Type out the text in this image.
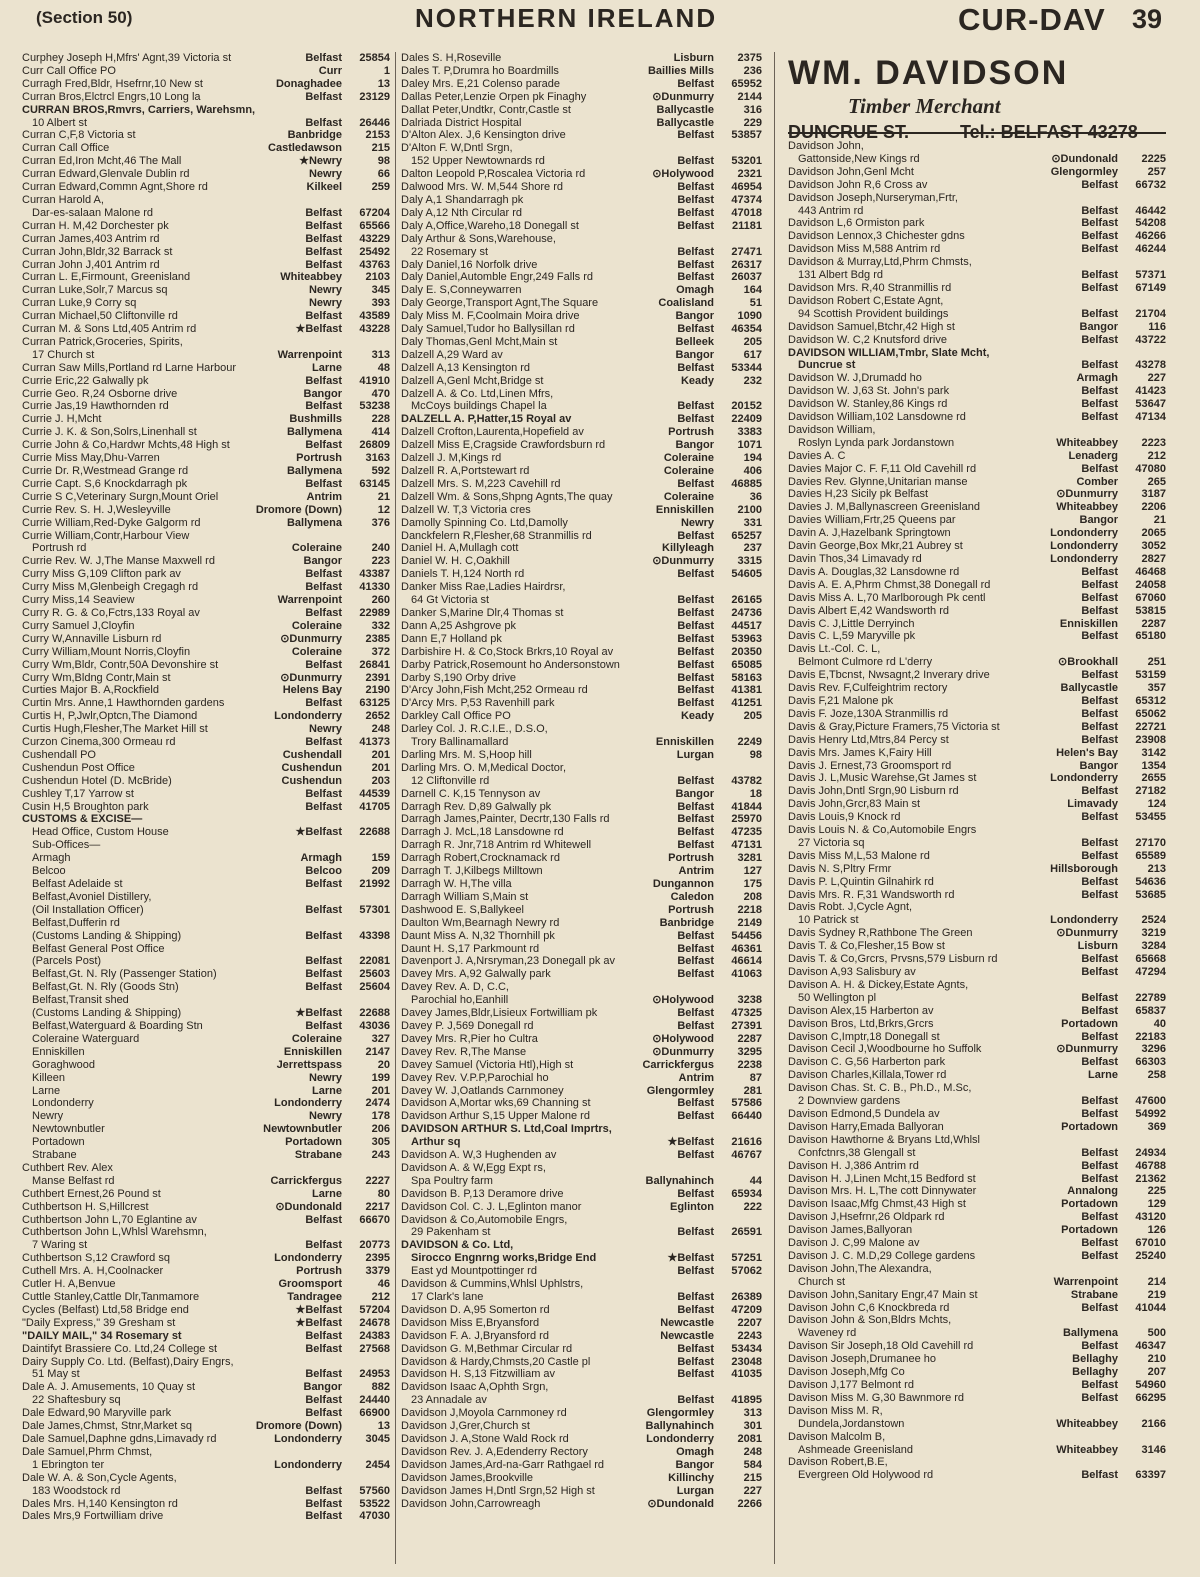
(Section 50)	NORTHERN IRELAND	CUR-DAV 39
Curphey Joseph H,Mfrs' Agnt,39 Victoria st	Belfast	25854
Curr Call Office PO	Curr	1
Curragh Fred,Bldr, Hsefrnr,10 New st	Donaghadee	13
Curran Bros,Elctrcl Engrs,10 Long la	Belfast	23129
CURRAN BROS,Rmvrs, Carriers, Warehsmn,
10 Albert st	Belfast	26446
Curran C,F,8 Victoria st	Banbridge	2153
Curran Call Office	Castledawson	215
Curran Ed,Iron Mcht,46 The Mall	★Newry	98
Curran Edward,Glenvale Dublin rd	Newry	66
Curran Edward,Commn Agnt,Shore rd	Kilkeel	259
Curran Harold A,
Dar-es-salaan Malone rd	Belfast	67204
Curran H. M,42 Dorchester pk	Belfast	65566
Curran James,403 Antrim rd	Belfast	43229
Curran John,Bldr,32 Barrack st	Belfast	25492
Curran John J,401 Antrim rd	Belfast	43763
Curran L. E,Firmount, Greenisland	Whiteabbey	2103
Curran Luke,Solr,7 Marcus sq	Newry	345
Curran Luke,9 Corry sq	Newry	393
Curran Michael,50 Cliftonville rd	Belfast	43589
Curran M. & Sons Ltd,405 Antrim rd	★Belfast	43228
Curran Patrick,Groceries, Spirits,
17 Church st	Warrenpoint	313
Curran Saw Mills,Portland rd Larne Harbour	Larne	48
Currie Eric,22 Galwally pk	Belfast	41910
Currie Geo. R,24 Osborne drive	Bangor	470
Currie Jas,19 Hawthornden rd	Belfast	53238
Currie J. H,Mcht	Bushmills	228
Currie J. K. & Son,Solrs,Linenhall st	Ballymena	414
Currie John & Co,Hardwr Mchts,48 High st	Belfast	26809
Currie Miss May,Dhu-Varren	Portrush	3163
Currie Dr. R,Westmead Grange rd	Ballymena	592
Currie Capt. S,6 Knockdarragh pk	Belfast	63145
Currie S C,Veterinary Surgn,Mount Oriel	Antrim	21
Currie Rev. S. H. J,Wesleyville	Dromore (Down)	12
Currie William,Red-Dyke Galgorm rd	Ballymena	376
Currie William,Contr,Harbour View
Portrush rd	Coleraine	240
Currie Rev. W. J,The Manse Maxwell rd	Bangor	223
Curry Miss G,109 Clifton park av	Belfast	43387
Curry Miss M,Glenbeigh Cregagh rd	Belfast	41330
Curry Miss,14 Seaview	Warrenpoint	260
Curry R. G. & Co,Fctrs,133 Royal av	Belfast	22989
Curry Samuel J,Cloyfin	Coleraine	332
Curry W,Annaville Lisburn rd	⊙Dunmurry	2385
Curry William,Mount Norris,Cloyfin	Coleraine	372
Curry Wm,Bldr, Contr,50A Devonshire st	Belfast	26841
Curry Wm,Bldng Contr,Main st	⊙Dunmurry	2391
Curties Major B. A,Rockfield	Helens Bay	2190
Curtin Mrs. Anne,1 Hawthornden gardens	Belfast	63125
Curtis H, P,Jwlr,Optcn,The Diamond	Londonderry	2652
Curtis Hugh,Flesher,The Market Hill st	Newry	248
Curzon Cinema,300 Ormeau rd	Belfast	41373
Cushendall PO	Cushendall	201
Cushendun Post Office	Cushendun	201
Cushendun Hotel (D. McBride)	Cushendun	203
Cushley T,17 Yarrow st	Belfast	44539
Cusin H,5 Broughton park	Belfast	41705
CUSTOMS & EXCISE—
Head Office, Custom House	★Belfast	22688
Sub-Offices—
Armagh	Armagh	159
Belcoo	Belcoo	209
Belfast Adelaide st	Belfast	21992
Belfast,Avoniel Distillery,
(Oil Installation Officer)	Belfast	57301
Belfast,Dufferin rd
(Customs Landing & Shipping)	Belfast	43398
Belfast General Post Office
(Parcels Post)	Belfast	22081
Belfast,Gt. N. Rly (Passenger Station)	Belfast	25603
Belfast,Gt. N. Rly (Goods Stn)	Belfast	25604
Belfast,Transit shed
(Customs Landing & Shipping)	★Belfast	22688
Belfast,Waterguard & Boarding Stn	Belfast	43036
Coleraine Waterguard	Coleraine	327
Enniskillen	Enniskillen	2147
Goraghwood	Jerrettspass	20
Killeen	Newry	199
Larne	Larne	201
Londonderry	Londonderry	2474
Newry	Newry	178
Newtownbutler	Newtownbutler	206
Portadown	Portadown	305
Strabane	Strabane	243
Cuthbert Rev. Alex
Manse Belfast rd	Carrickfergus	2227
Cuthbert Ernest,26 Pound st	Larne	80
Cuthbertson H. S,Hillcrest	⊙Dundonald	2217
Cuthbertson John L,70 Eglantine av	Belfast	66670
Cuthbertson John L,Whlsl Warehsmn,
7 Waring st	Belfast	20773
Cuthbertson S,12 Crawford sq	Londonderry	2395
Cuthell Mrs. A. H,Coolnacker	Portrush	3379
Cutler H. A,Benvue	Groomsport	46
Cuttle Stanley,Cattle Dlr,Tanmamore	Tandragee	212
Cycles (Belfast) Ltd,58 Bridge end	★Belfast	57204
"Daily Express," 39 Gresham st	★Belfast	24678
"DAILY MAIL," 34 Rosemary st	Belfast	24383
Daintifyt Brassiere Co. Ltd,24 College st	Belfast	27568
Dairy Supply Co. Ltd. (Belfast),Dairy Engrs,
51 May st	Belfast	24953
Dale A. J. Amusements, 10 Quay st	Bangor	882
22 Shaftesbury sq	Belfast	24440
Dale Edward,90 Maryville park	Belfast	66900
Dale James,Chmst, Stnr,Market sq	Dromore (Down)	13
Dale Samuel,Daphne gdns,Limavady rd	Londonderry	3045
Dale Samuel,Phrm Chmst,
1 Ebrington ter	Londonderry	2454
Dale W. A. & Son,Cycle Agents,
183 Woodstock rd	Belfast	57560
Dales Mrs. H,140 Kensington rd	Belfast	53522
Dales Mrs,9 Fortwilliam drive	Belfast	47030
Dales S. H,Roseville	Lisburn	2375
Dales T. P,Drumra ho Boardmills	Baillies Mills	236
Daley Mrs. E,21 Colenso parade	Belfast	65952
Dallas Peter,Lenzie Orpen pk Finaghy	⊙Dunmurry	2144
Dallat Peter,Undtkr, Contr,Castle st	Ballycastle	316
Dalriada District Hospital	Ballycastle	229
D'Alton Alex. J,6 Kensington drive	Belfast	53857
D'Alton F. W,Dntl Srgn,
152 Upper Newtownards rd	Belfast	53201
Dalton Leopold P,Roscalea Victoria rd	⊙Holywood	2321
Dalwood Mrs. W. M,544 Shore rd	Belfast	46954
Daly A,1 Shandarragh pk	Belfast	47374
Daly A,12 Nth Circular rd	Belfast	47018
Daly A,Office,Wareho,18 Donegall st	Belfast	21181
Daly Arthur & Sons,Warehouse,
22 Rosemary st	Belfast	27471
Daly Daniel,16 Norfolk drive	Belfast	26317
Daly Daniel,Automble Engr,249 Falls rd	Belfast	26037
Daly E. S,Conneywarren	Omagh	164
Daly George,Transport Agnt,The Square	Coalisland	51
Daly Miss M. F,Coolmain Moira drive	Bangor	1090
Daly Samuel,Tudor ho Ballysillan rd	Belfast	46354
Daly Thomas,Genl Mcht,Main st	Belleek	205
Dalzell A,29 Ward av	Bangor	617
Dalzell A,13 Kensington rd	Belfast	53344
Dalzell A,Genl Mcht,Bridge st	Keady	232
Dalzell A. & Co. Ltd,Linen Mfrs,
McCoys buildings Chapel la	Belfast	20152
DALZELL A. P,Hatter,15 Royal av	Belfast	22409
Dalzell Crofton,Laurenta,Hopefield av	Portrush	3383
Dalzell Miss E,Cragside Crawfordsburn rd	Bangor	1071
Dalzell J. M,Kings rd	Coleraine	194
Dalzell R. A,Portstewart rd	Coleraine	406
Dalzell Mrs. S. M,223 Cavehill rd	Belfast	46885
Dalzell Wm. & Sons,Shpng Agnts,The quay	Coleraine	36
Dalzell W. T,3 Victoria cres	Enniskillen	2100
Damolly Spinning Co. Ltd,Damolly	Newry	331
Danckfelern R,Flesher,68 Stranmillis rd	Belfast	65257
Daniel H. A,Mullagh cott	Killyleagh	237
Daniel W. H. C,Oakhill	⊙Dunmurry	3315
Daniels T. H,124 North rd	Belfast	54605
Danker Miss Rae,Ladies Hairdrsr,
64 Gt Victoria st	Belfast	26165
Danker S,Marine Dlr,4 Thomas st	Belfast	24736
Dann A,25 Ashgrove pk	Belfast	44517
Dann E,7 Holland pk	Belfast	53963
Darbishire H. & Co,Stock Brkrs,10 Royal av	Belfast	20350
Darby Patrick,Rosemount ho Andersonstown	Belfast	65085
Darby S,190 Orby drive	Belfast	58163
D'Arcy John,Fish Mcht,252 Ormeau rd	Belfast	41381
D'Arcy Mrs. P,53 Ravenhill park	Belfast	41251
Darkley Call Office PO	Keady	205
Darley Col. J. R.C.I.E., D.S.O,
Trory Ballinamallard	Enniskillen	2249
Darling Mrs. M. S,Hoop hill	Lurgan	98
Darling Mrs. O. M,Medical Doctor,
12 Cliftonville rd	Belfast	43782
Darnell C. K,15 Tennyson av	Bangor	18
Darragh Rev. D,89 Galwally pk	Belfast	41844
Darragh James,Painter, Decrtr,130 Falls rd	Belfast	25970
Darragh J. McL,18 Lansdowne rd	Belfast	47235
Darragh R. Jnr,718 Antrim rd Whitewell	Belfast	47131
Darragh Robert,Crocknamack rd	Portrush	3281
Darragh T. J,Kilbegs Milltown	Antrim	127
Darragh W. H,The villa	Dungannon	175
Darragh William S,Main st	Caledon	208
Dashwood E. S,Ballykeel	Portrush	2218
Daulton Wm,Bearnagh Newry rd	Banbridge	2149
Daunt Miss A. N,32 Thornhill pk	Belfast	54456
Daunt H. S,17 Parkmount rd	Belfast	46361
Davenport J. A,Nrsryman,23 Donegall pk av	Belfast	46614
Davey Mrs. A,92 Galwally park	Belfast	41063
Davey Rev. A. D, C.C,
Parochial ho,Eanhill	⊙Holywood	3238
Davey James,Bldr,Lisieux Fortwilliam pk	Belfast	47325
Davey P. J,569 Donegall rd	Belfast	27391
Davey Mrs. R,Pier ho Cultra	⊙Holywood	2287
Davey Rev. R,The Manse	⊙Dunmurry	3295
Davey Samuel (Victoria Htl),High st	Carrickfergus	2238
Davey Rev. V.P.P,Parochial ho	Antrim	87
Davey W. J,Oatlands Carnmoney	Glengormley	281
Davidson A,Mortar wks,69 Channing st	Belfast	57586
Davidson Arthur S,15 Upper Malone rd	Belfast	66440
DAVIDSON ARTHUR S. Ltd,Coal Imprtrs,
Arthur sq	★Belfast	21616
Davidson A. W,3 Hughenden av	Belfast	46767
Davidson A. & W,Egg Expt rs,
Spa Poultry farm	Ballynahinch	44
Davidson B. P,13 Deramore drive	Belfast	65934
Davidson Col. C. J. L,Eglinton manor	Eglinton	222
Davidson & Co,Automobile Engrs,
29 Pakenham st	Belfast	26591
DAVIDSON & Co. Ltd,
Sirocco Engnrng works,Bridge End	★Belfast	57251
East yd Mountpottinger rd	Belfast	57062
Davidson & Cummins,Whlsl Uphlstrs,
17 Clark's lane	Belfast	26389
Davidson D. A,95 Somerton rd	Belfast	47209
Davidson Miss E,Bryansford	Newcastle	2207
Davidson F. A. J,Bryansford rd	Newcastle	2243
Davidson G. M,Bethmar Circular rd	Belfast	53434
Davidson & Hardy,Chmsts,20 Castle pl	Belfast	23048
Davidson H. S,13 Fitzwilliam av	Belfast	41035
Davidson Isaac A,Ophth Srgn,
23 Annadale av	Belfast	41895
Davidson J,Moyola Carnmoney rd	Glengormley	313
Davidson J,Grer,Church st	Ballynahinch	301
Davidson J. A,Stone Wald Rock rd	Londonderry	2081
Davidson Rev. J. A,Edenderry Rectory	Omagh	248
Davidson James,Ard-na-Garr Rathgael rd	Bangor	584
Davidson James,Brookville	Killinchy	215
Davidson James H,Dntl Srgn,52 High st	Lurgan	227
Davidson John,Carrowreagh	⊙Dundonald	2266
WM. DAVIDSON
Timber Merchant
DUNCRUE ST.	Tel.: BELFAST 43278
Davidson John,
Gattonside,New Kings rd	⊙Dundonald	2225
Davidson John,Genl Mcht	Glengormley	257
Davidson John R,6 Cross av	Belfast	66732
Davidson Joseph,Nurseryman,Frtr,
443 Antrim rd	Belfast	46442
Davidson L,6 Ormiston park	Belfast	54208
Davidson Lennox,3 Chichester gdns	Belfast	46266
Davidson Miss M,588 Antrim rd	Belfast	46244
Davidson & Murray,Ltd,Phrm Chmsts,
131 Albert Bdg rd	Belfast	57371
Davidson Mrs. R,40 Stranmillis rd	Belfast	67149
Davidson Robert C,Estate Agnt,
94 Scottish Provident buildings	Belfast	21704
Davidson Samuel,Btchr,42 High st	Bangor	116
Davidson W. C,2 Knutsford drive	Belfast	43722
DAVIDSON WILLIAM,Tmbr, Slate Mcht,
Duncrue st	Belfast	43278
Davidson W. J,Drumadd ho	Armagh	227
Davidson W. J,63 St. John's park	Belfast	41423
Davidson W. Stanley,86 Kings rd	Belfast	53647
Davidson William,102 Lansdowne rd	Belfast	47134
Davidson William,
Roslyn Lynda park Jordanstown	Whiteabbey	2223
Davies A. C	Lenaderg	212
Davies Major C. F. F,11 Old Cavehill rd	Belfast	47080
Davies Rev. Glynne,Unitarian manse	Comber	265
Davies H,23 Sicily pk Belfast	⊙Dunmurry	3187
Davies J. M,Ballynascreen Greenisland	Whiteabbey	2206
Davies William,Frtr,25 Queens par	Bangor	21
Davin A. J,Hazelbank Springtown	Londonderry	2065
Davin George,Box Mkr,21 Aubrey st	Londonderry	3052
Davin Thos,34 Limavady rd	Londonderry	2827
Davis A. Douglas,32 Lansdowne rd	Belfast	46468
Davis A. E. A,Phrm Chmst,38 Donegall rd	Belfast	24058
Davis Miss A. L,70 Marlborough Pk centl	Belfast	67060
Davis Albert E,42 Wandsworth rd	Belfast	53815
Davis C. J,Little Derryinch	Enniskillen	2287
Davis C. L,59 Maryville pk	Belfast	65180
Davis Lt.-Col. C. L,
Belmont Culmore rd L'derry	⊙Brookhall	251
Davis E,Tbcnst, Nwsagnt,2 Inverary drive	Belfast	53159
Davis Rev. F,Culfeightrim rectory	Ballycastle	357
Davis F,21 Malone pk	Belfast	65312
Davis F. Joze,130A Stranmillis rd	Belfast	65062
Davis & Gray,Picture Framers,75 Victoria st	Belfast	22721
Davis Henry Ltd,Mtrs,84 Percy st	Belfast	23908
Davis Mrs. James K,Fairy Hill	Helen's Bay	3142
Davis J. Ernest,73 Groomsport rd	Bangor	1354
Davis J. L,Music Warehse,Gt James st	Londonderry	2655
Davis John,Dntl Srgn,90 Lisburn rd	Belfast	27182
Davis John,Grcr,83 Main st	Limavady	124
Davis Louis,9 Knock rd	Belfast	53455
Davis Louis N. & Co,Automobile Engrs
27 Victoria sq	Belfast	27170
Davis Miss M,L,53 Malone rd	Belfast	65589
Davis N. S,Pltry Frmr	Hillsborough	213
Davis P. L,Quintin Gilnahirk rd	Belfast	54636
Davis Mrs. R. F,31 Wandsworth rd	Belfast	53685
Davis Robt. J,Cycle Agnt,
10 Patrick st	Londonderry	2524
Davis Sydney R,Rathbone The Green	⊙Dunmurry	3219
Davis T. & Co,Flesher,15 Bow st	Lisburn	3284
Davis T. & Co,Grcrs, Prvsns,579 Lisburn rd	Belfast	65668
Davison A,93 Salisbury av	Belfast	47294
Davison A. H. & Dickey,Estate Agnts,
50 Wellington pl	Belfast	22789
Davison Alex,15 Harberton av	Belfast	65837
Davison Bros, Ltd,Brkrs,Grcrs	Portadown	40
Davison C,Imptr,18 Donegall st	Belfast	22183
Davison Cecil J,Woodbourne ho Suffolk	⊙Dunmurry	3296
Davison C. G,56 Harberton park	Belfast	66303
Davison Charles,Killala,Tower rd	Larne	258
Davison Chas. St. C. B., Ph.D., M.Sc,
2 Downview gardens	Belfast	47600
Davison Edmond,5 Dundela av	Belfast	54992
Davison Harry,Emada Ballyoran	Portadown	369
Davison Hawthorne & Bryans Ltd,Whlsl
Confctnrs,38 Glengall st	Belfast	24934
Davison H. J,386 Antrim rd	Belfast	46788
Davison H. J,Linen Mcht,15 Bedford st	Belfast	21362
Davison Mrs. H. L,The cott Dinnywater	Annalong	225
Davison Isaac,Mfg Chmst,43 High st	Portadown	129
Davison J,Hsefrnr,26 Oldpark rd	Belfast	43120
Davison James,Ballyoran	Portadown	126
Davison J. C,99 Malone av	Belfast	67010
Davison J. C. M.D,29 College gardens	Belfast	25240
Davison John,The Alexandra,
Church st	Warrenpoint	214
Davison John,Sanitary Engr,47 Main st	Strabane	219
Davison John C,6 Knockbreda rd	Belfast	41044
Davison John & Son,Bldrs Mchts,
Waveney rd	Ballymena	500
Davison Sir Joseph,18 Old Cavehill rd	Belfast	46347
Davison Joseph,Drumanee ho	Bellaghy	210
Davison Joseph,Mfg Co	Bellaghy	207
Davison J,177 Belmont rd	Belfast	54960
Davison Miss M. G,30 Bawnmore rd	Belfast	66295
Davison Miss M. R,
Dundela,Jordanstown	Whiteabbey	2166
Davison Malcolm B,
Ashmeade Greenisland	Whiteabbey	3146
Davison Robert,B.E,
Evergreen Old Holywood rd	Belfast	63397
